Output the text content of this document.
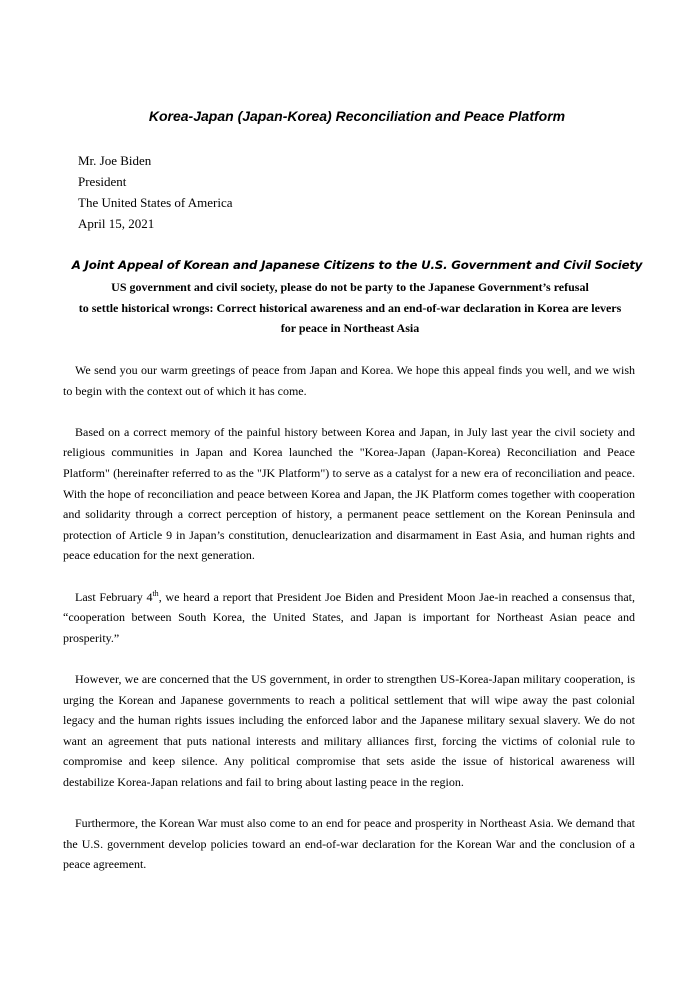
Korea-Japan (Japan-Korea) Reconciliation and Peace Platform
Mr. Joe Biden
President
The United States of America
April 15, 2021
A Joint Appeal of Korean and Japanese Citizens to the U.S. Government and Civil Society
US government and civil society, please do not be party to the Japanese Government’s refusal
to settle historical wrongs: Correct historical awareness and an end-of-war declaration in Korea are levers
for peace in Northeast Asia

We send you our warm greetings of peace from Japan and Korea. We hope this appeal finds you well, and we wish to begin with the context out of which it has come.

Based on a correct memory of the painful history between Korea and Japan, in July last year the civil society and religious communities in Japan and Korea launched the "Korea-Japan (Japan-Korea) Reconciliation and Peace Platform" (hereinafter referred to as the "JK Platform") to serve as a catalyst for a new era of reconciliation and peace. With the hope of reconciliation and peace between Korea and Japan, the JK Platform comes together with cooperation and solidarity through a correct perception of history, a permanent peace settlement on the Korean Peninsula and protection of Article 9 in Japan’s constitution, denuclearization and disarmament in East Asia, and human rights and peace education for the next generation.

Last February 4th, we heard a report that President Joe Biden and President Moon Jae-in reached a consensus that, “cooperation between South Korea, the United States, and Japan is important for Northeast Asian peace and prosperity.”

However, we are concerned that the US government, in order to strengthen US-Korea-Japan military cooperation, is urging the Korean and Japanese governments to reach a political settlement that will wipe away the past colonial legacy and the human rights issues including the enforced labor and the Japanese military sexual slavery. We do not want an agreement that puts national interests and military alliances first, forcing the victims of colonial rule to compromise and keep silence. Any political compromise that sets aside the issue of historical awareness will destabilize Korea-Japan relations and fail to bring about lasting peace in the region.

Furthermore, the Korean War must also come to an end for peace and prosperity in Northeast Asia. We demand that the U.S. government develop policies toward an end-of-war declaration for the Korean War and the conclusion of a peace agreement.
